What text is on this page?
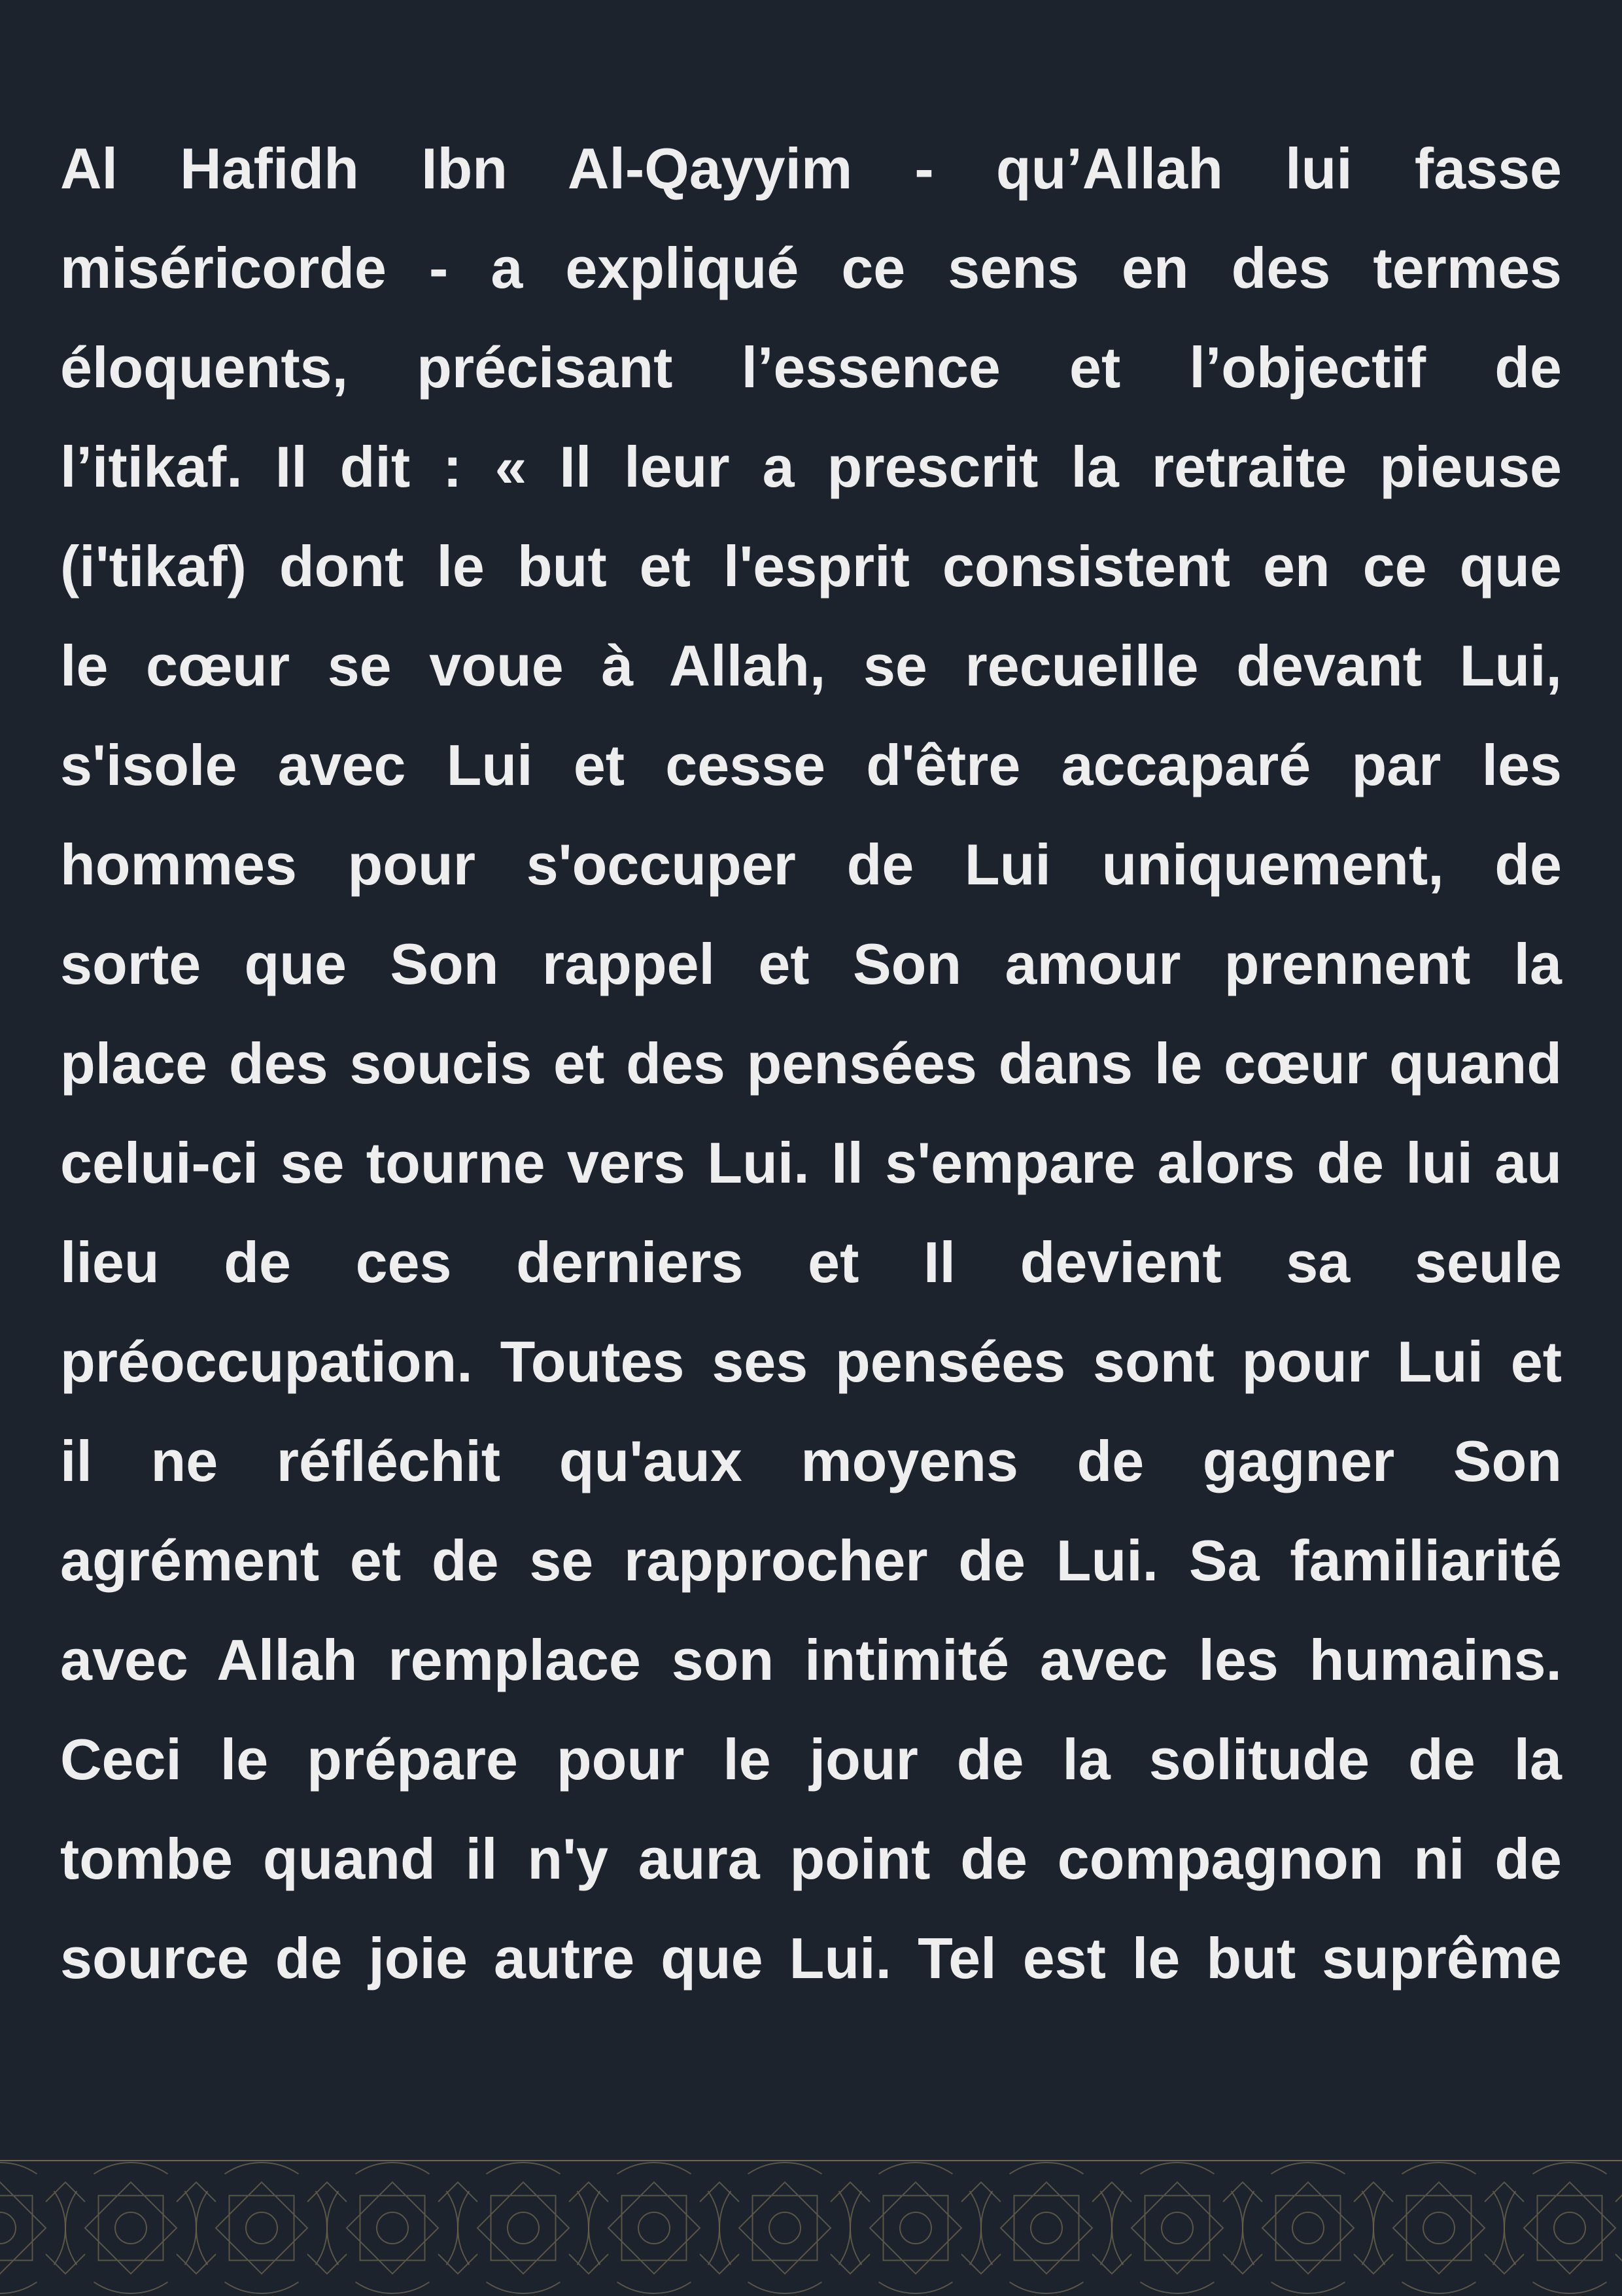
Al Hafidh Ibn Al-Qayyim - qu’Allah lui fasse
miséricorde - a expliqué ce sens en des termes
éloquents, précisant l’essence et l’objectif de
l’itikaf. Il dit : « Il leur a prescrit la retraite pieuse
(i'tikaf) dont le but et l'esprit consistent en ce que
le cœur se voue à Allah, se recueille devant Lui,
s'isole avec Lui et cesse d'être accaparé par les
hommes pour s'occuper de Lui uniquement, de
sorte que Son rappel et Son amour prennent la
place des soucis et des pensées dans le cœur quand
celui-ci se tourne vers Lui. Il s'empare alors de lui au
lieu de ces derniers et Il devient sa seule
préoccupation. Toutes ses pensées sont pour Lui et
il ne réfléchit qu'aux moyens de gagner Son
agrément et de se rapprocher de Lui. Sa familiarité
avec Allah remplace son intimité avec les humains.
Ceci le prépare pour le jour de la solitude de la
tombe quand il n'y aura point de compagnon ni de
source de joie autre que Lui. Tel est le but suprême
